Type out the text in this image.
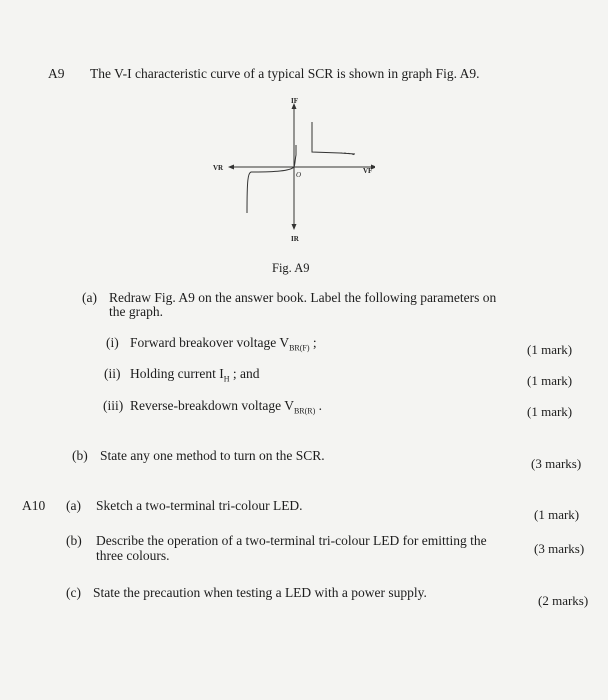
A9 The V-I characteristic curve of a typical SCR is shown in graph Fig. A9.
IF
IR
VR	VF
O
Fig. A9
(a) Redraw Fig. A9 on the answer book. Label the following parameters on
the graph.
(i) Forward breakover voltage $V_{BR(F)}$ ;	(1 mark)
(ii) Holding current $I_H$ ; and	(1 mark)
(iii) Reverse-breakdown voltage $V_{BR(R)}$ .	(1 mark)
(b) State any one method to turn on the SCR.
(3 marks)
A10 (a) Sketch a two-terminal tri-colour LED.
(1 mark)
(b) Describe the operation of a two-terminal tri-colour LED for emitting the
three colours.	(3 marks)
(c) State the precaution when testing a LED with a power supply.
(2 marks)
